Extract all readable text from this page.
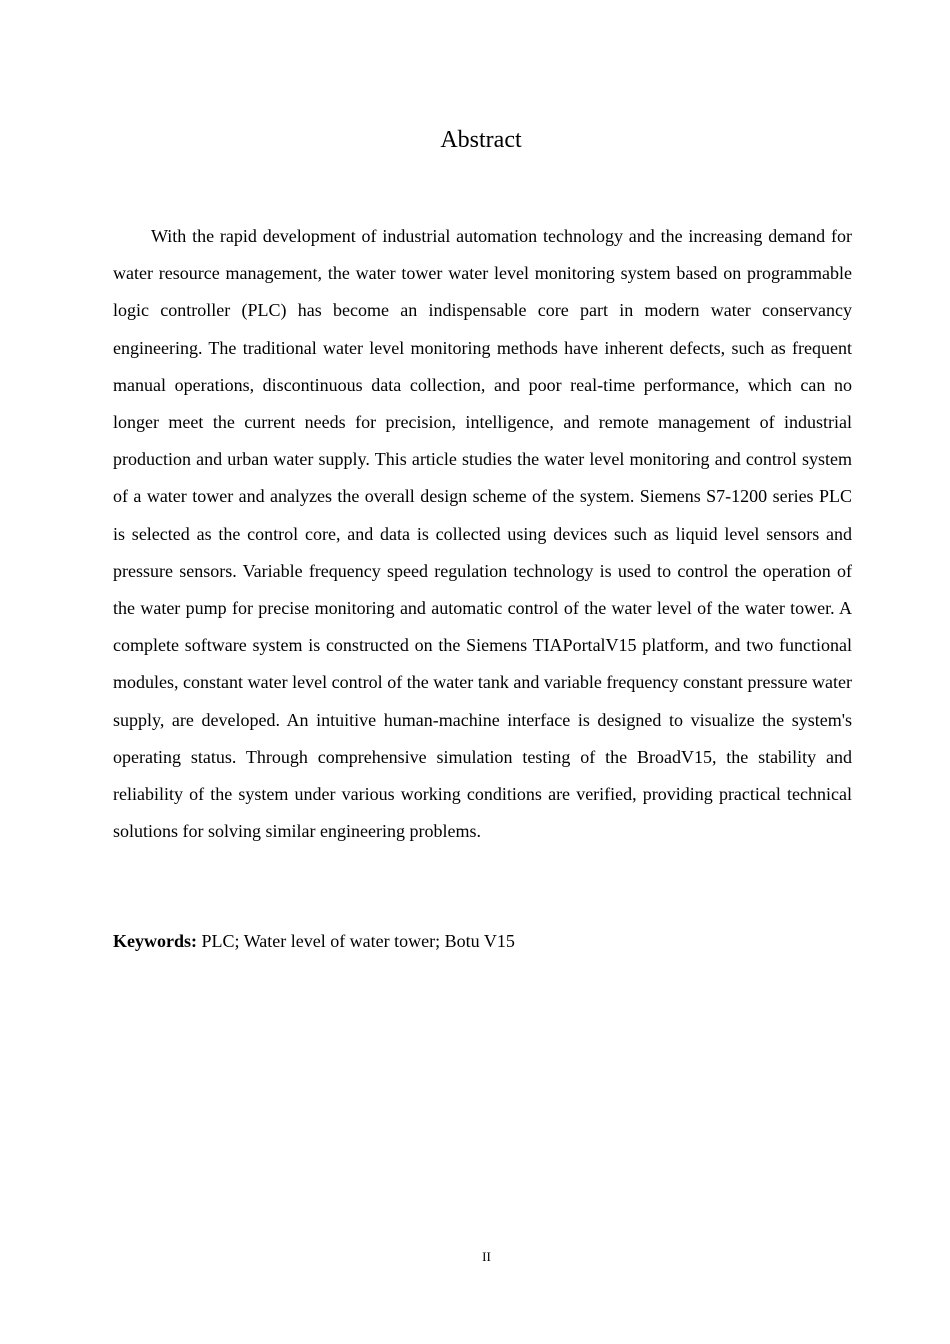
Abstract

With the rapid development of industrial automation technology and the increasing demand for water resource management, the water tower water level monitoring system based on programmable logic controller (PLC) has become an indispensable core part in modern water conservancy engineering. The traditional water level monitoring methods have inherent defects, such as frequent manual operations, discontinuous data collection, and poor real-time performance, which can no longer meet the current needs for precision, intelligence, and remote management of industrial production and urban water supply. This article studies the water level monitoring and control system of a water tower and analyzes the overall design scheme of the system. Siemens S7-1200 series PLC is selected as the control core, and data is collected using devices such as liquid level sensors and pressure sensors. Variable frequency speed regulation technology is used to control the operation of the water pump for precise monitoring and automatic control of the water level of the water tower. A complete software system is constructed on the Siemens TIAPortalV15 platform, and two functional modules, constant water level control of the water tank and variable frequency constant pressure water supply, are developed. An intuitive human-machine interface is designed to visualize the system's operating status. Through comprehensive simulation testing of the BroadV15, the stability and reliability of the system under various working conditions are verified, providing practical technical solutions for solving similar engineering problems.

Keywords: PLC; Water level of water tower; Botu V15

II
